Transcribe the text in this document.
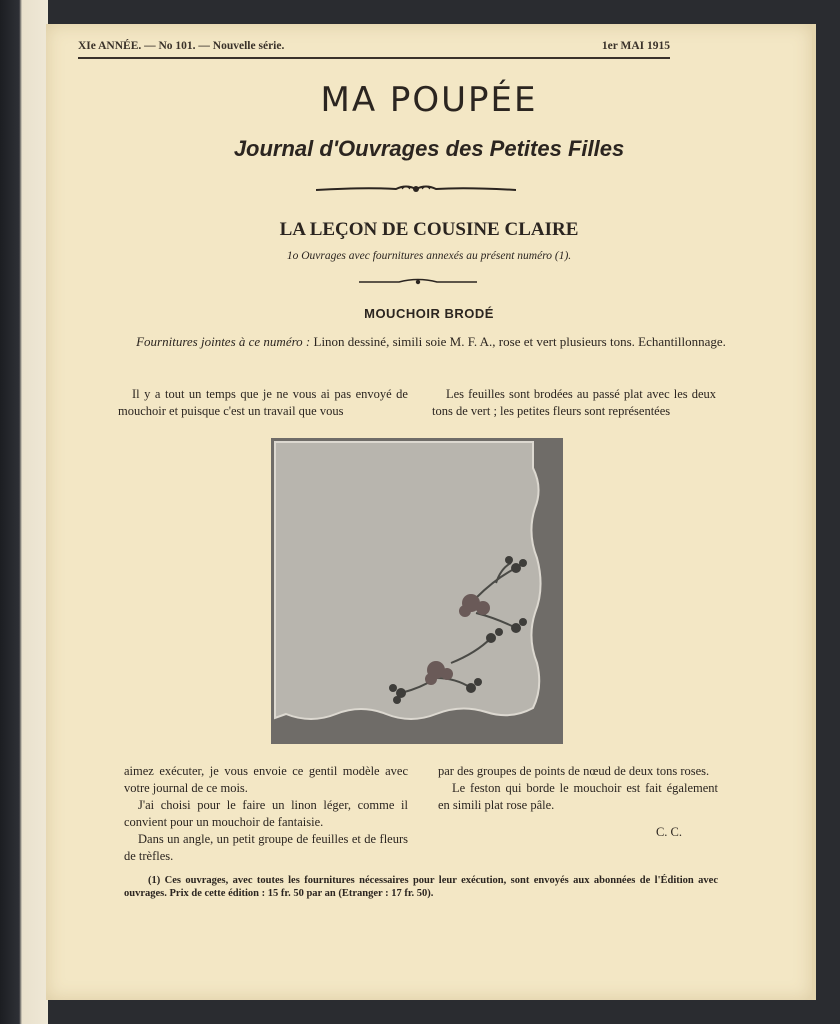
XIe ANNÉE. — No 101. — Nouvelle série.	1er MAI 1915
MA POUPÉE
Journal d'Ouvrages des Petites Filles
LA LEÇON DE COUSINE CLAIRE
1o Ouvrages avec fournitures annexés au présent numéro (1).
MOUCHOIR BRODÉ
Fournitures jointes à ce numéro : Linon dessiné, simili soie M. F. A., rose et vert plusieurs tons. Echantillonnage.

Il y a tout un temps que je ne vous ai pas envoyé de mouchoir et puisque c'est un travail que vous

Les feuilles sont brodées au passé plat avec les deux tons de vert ; les petites fleurs sont représentées

aimez exécuter, je vous envoie ce gentil modèle avec votre journal de ce mois.

J'ai choisi pour le faire un linon léger, comme il convient pour un mouchoir de fantaisie.

Dans un angle, un petit groupe de feuilles et de fleurs de trèfles.

par des groupes de points de nœud de deux tons roses.

Le feston qui borde le mouchoir est fait également en simili plat rose pâle.

C. C.

(1) Ces ouvrages, avec toutes les fournitures nécessaires pour leur exécution, sont envoyés aux abonnées de l'Édition avec ouvrages. Prix de cette édition : 15 fr. 50 par an (Etranger : 17 fr. 50).
